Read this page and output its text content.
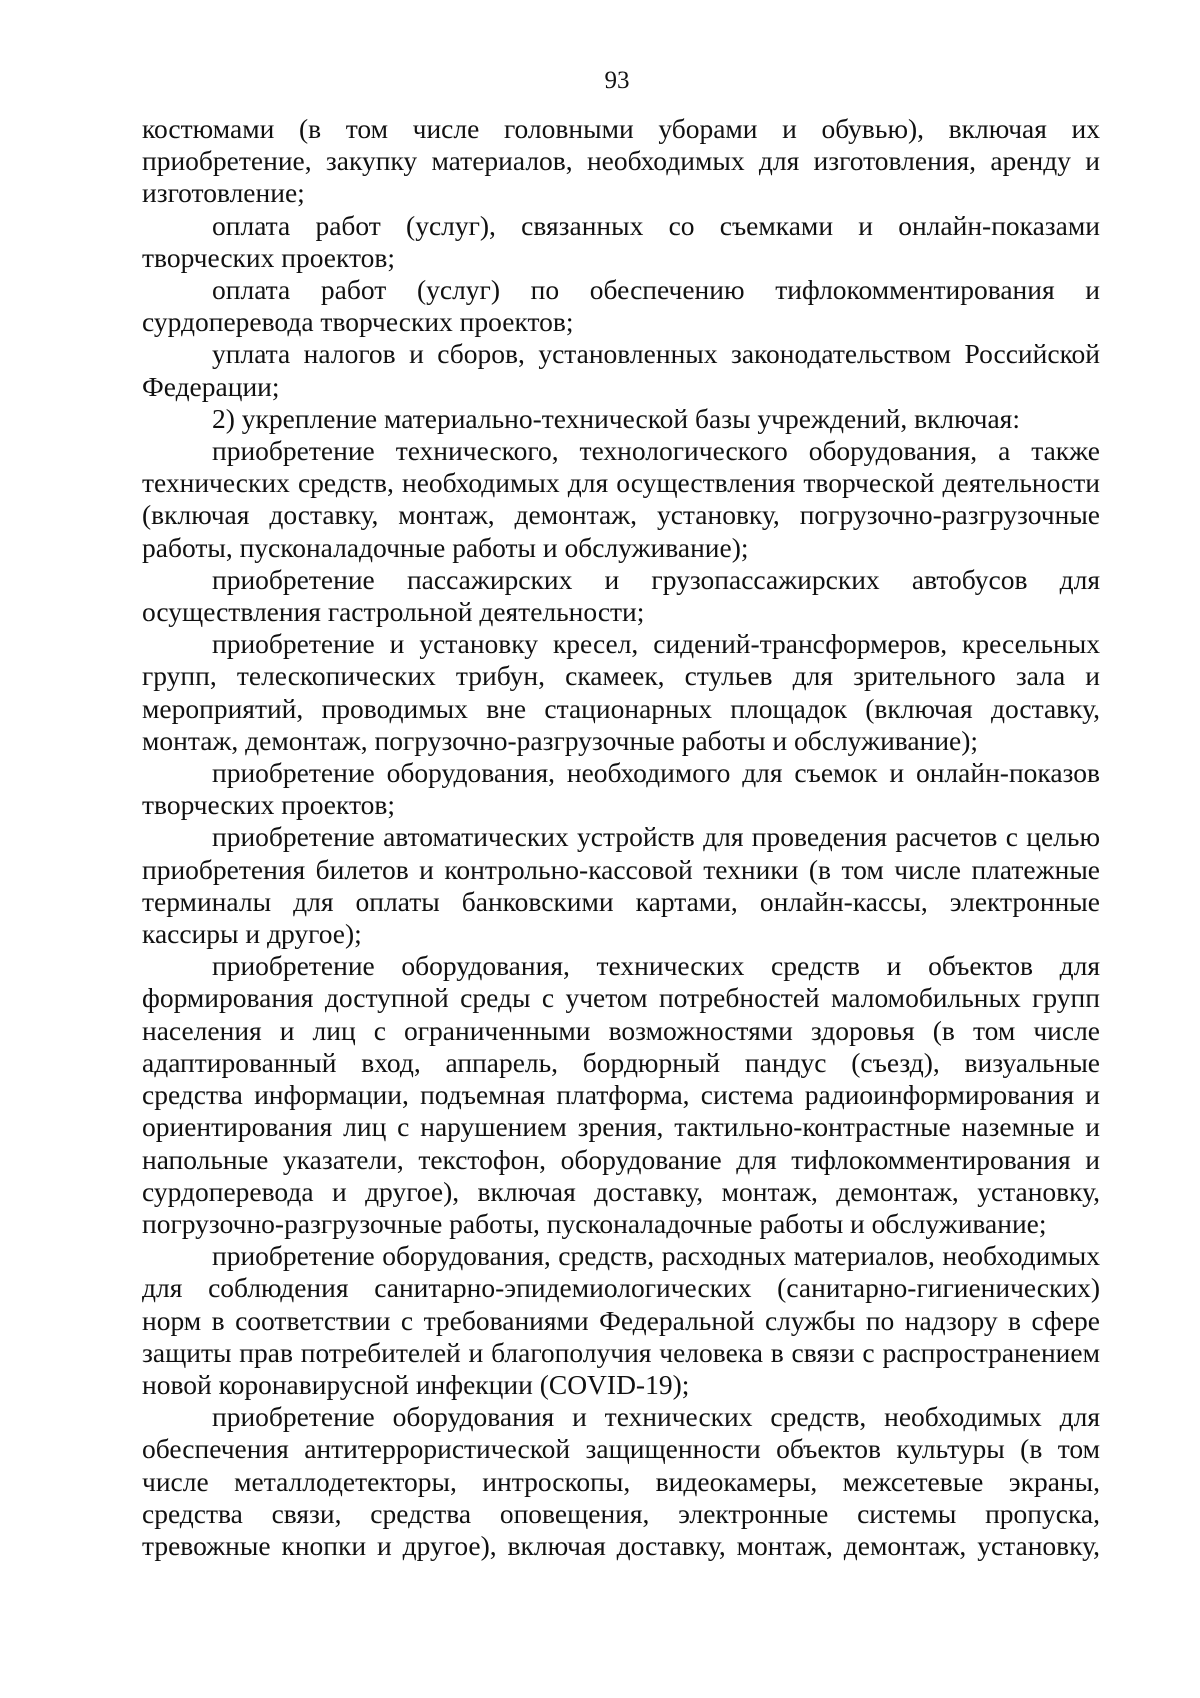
93

костюмами (в том числе головными уборами и обувью), включая их приобретение, закупку материалов, необходимых для изготовления, аренду и изготовление;

оплата работ (услуг), связанных со съемками и онлайн-показами творческих проектов;

оплата работ (услуг) по обеспечению тифлокомментирования и сурдоперевода творческих проектов;

уплата налогов и сборов, установленных законодательством Российской Федерации;

2) укрепление материально-технической базы учреждений, включая:

приобретение технического, технологического оборудования, а также технических средств, необходимых для осуществления творческой деятельности (включая доставку, монтаж, демонтаж, установку, погрузочно-разгрузочные работы, пусконаладочные работы и обслуживание);

приобретение пассажирских и грузопассажирских автобусов для осуществления гастрольной деятельности;

приобретение и установку кресел, сидений-трансформеров, кресельных групп, телескопических трибун, скамеек, стульев для зрительного зала и мероприятий, проводимых вне стационарных площадок (включая доставку, монтаж, демонтаж, погрузочно-разгрузочные работы и обслуживание);

приобретение оборудования, необходимого для съемок и онлайн-показов творческих проектов;

приобретение автоматических устройств для проведения расчетов с целью приобретения билетов и контрольно-кассовой техники (в том числе платежные терминалы для оплаты банковскими картами, онлайн-кассы, электронные кассиры и другое);

приобретение оборудования, технических средств и объектов для формирования доступной среды с учетом потребностей маломобильных групп населения и лиц с ограниченными возможностями здоровья (в том числе адаптированный вход, аппарель, бордюрный пандус (съезд), визуальные средства информации, подъемная платформа, система радиоинформирования и ориентирования лиц с нарушением зрения, тактильно-контрастные наземные и напольные указатели, текстофон, оборудование для тифлокомментирования и сурдоперевода и другое), включая доставку, монтаж, демонтаж, установку, погрузочно-разгрузочные работы, пусконаладочные работы и обслуживание;

приобретение оборудования, средств, расходных материалов, необходимых для соблюдения санитарно-эпидемиологических (санитарно-гигиенических) норм в соответствии с требованиями Федеральной службы по надзору в сфере защиты прав потребителей и благополучия человека в связи с распространением новой коронавирусной инфекции (COVID-19);

приобретение оборудования и технических средств, необходимых для обеспечения антитеррористической защищенности объектов культуры (в том числе металлодетекторы, интроскопы, видеокамеры, межсетевые экраны, средства связи, средства оповещения, электронные системы пропуска, тревожные кнопки и другое), включая доставку, монтаж, демонтаж, установку,
